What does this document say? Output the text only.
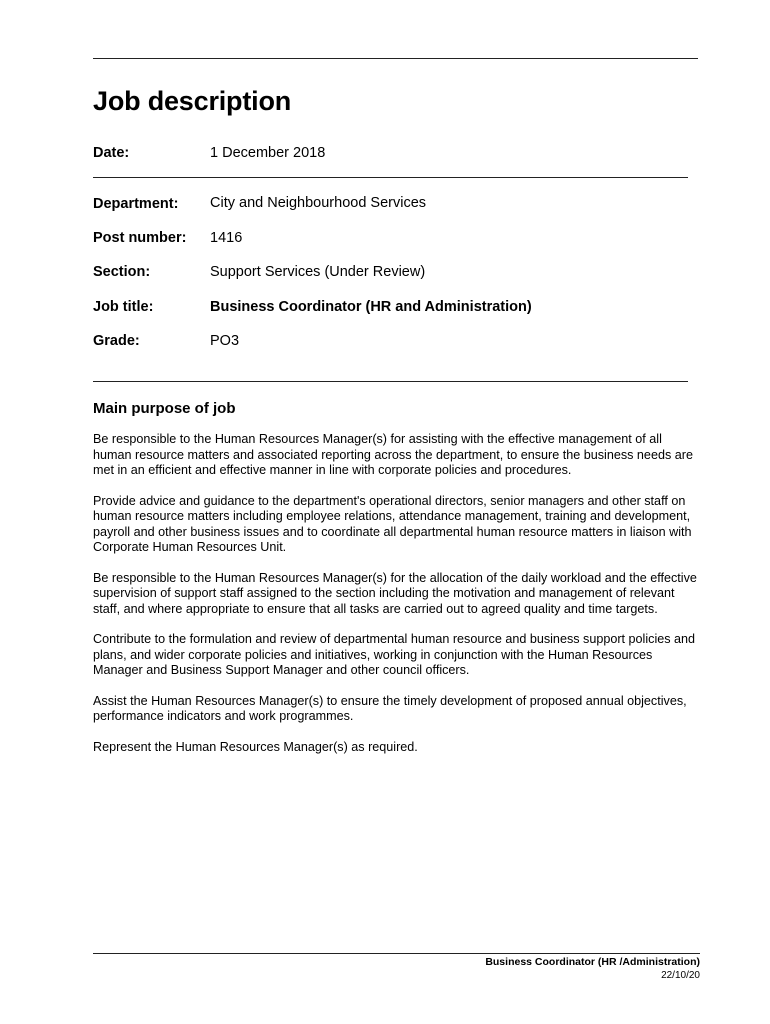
Job description
Date:	1 December 2018
Department: City and Neighbourhood Services
Post number: 1416
Section:	Support Services (Under Review)
Job title:	Business Coordinator (HR and Administration)
Grade:	PO3
Main purpose of job

Be responsible to the Human Resources Manager(s) for assisting with the effective management of all human resource matters and associated reporting across the department, to ensure the business needs are met in an efficient and effective manner in line with corporate policies and procedures.

Provide advice and guidance to the department's operational directors, senior managers and other staff on human resource matters including employee relations, attendance management, training and development, payroll and other business issues and to coordinate all departmental human resource matters in liaison with Corporate Human Resources Unit.

Be responsible to the Human Resources Manager(s) for the allocation of the daily workload and the effective supervision of support staff assigned to the section including the motivation and management of relevant staff, and where appropriate to ensure that all tasks are carried out to agreed quality and time targets.

Contribute to the formulation and review of departmental human resource and business support policies and plans, and wider corporate policies and initiatives, working in conjunction with the Human Resources Manager and Business Support Manager and other council officers.

Assist the Human Resources Manager(s) to ensure the timely development of proposed annual objectives, performance indicators and work programmes.

Represent the Human Resources Manager(s) as required.

Business Coordinator (HR /Administration)
22/10/20
